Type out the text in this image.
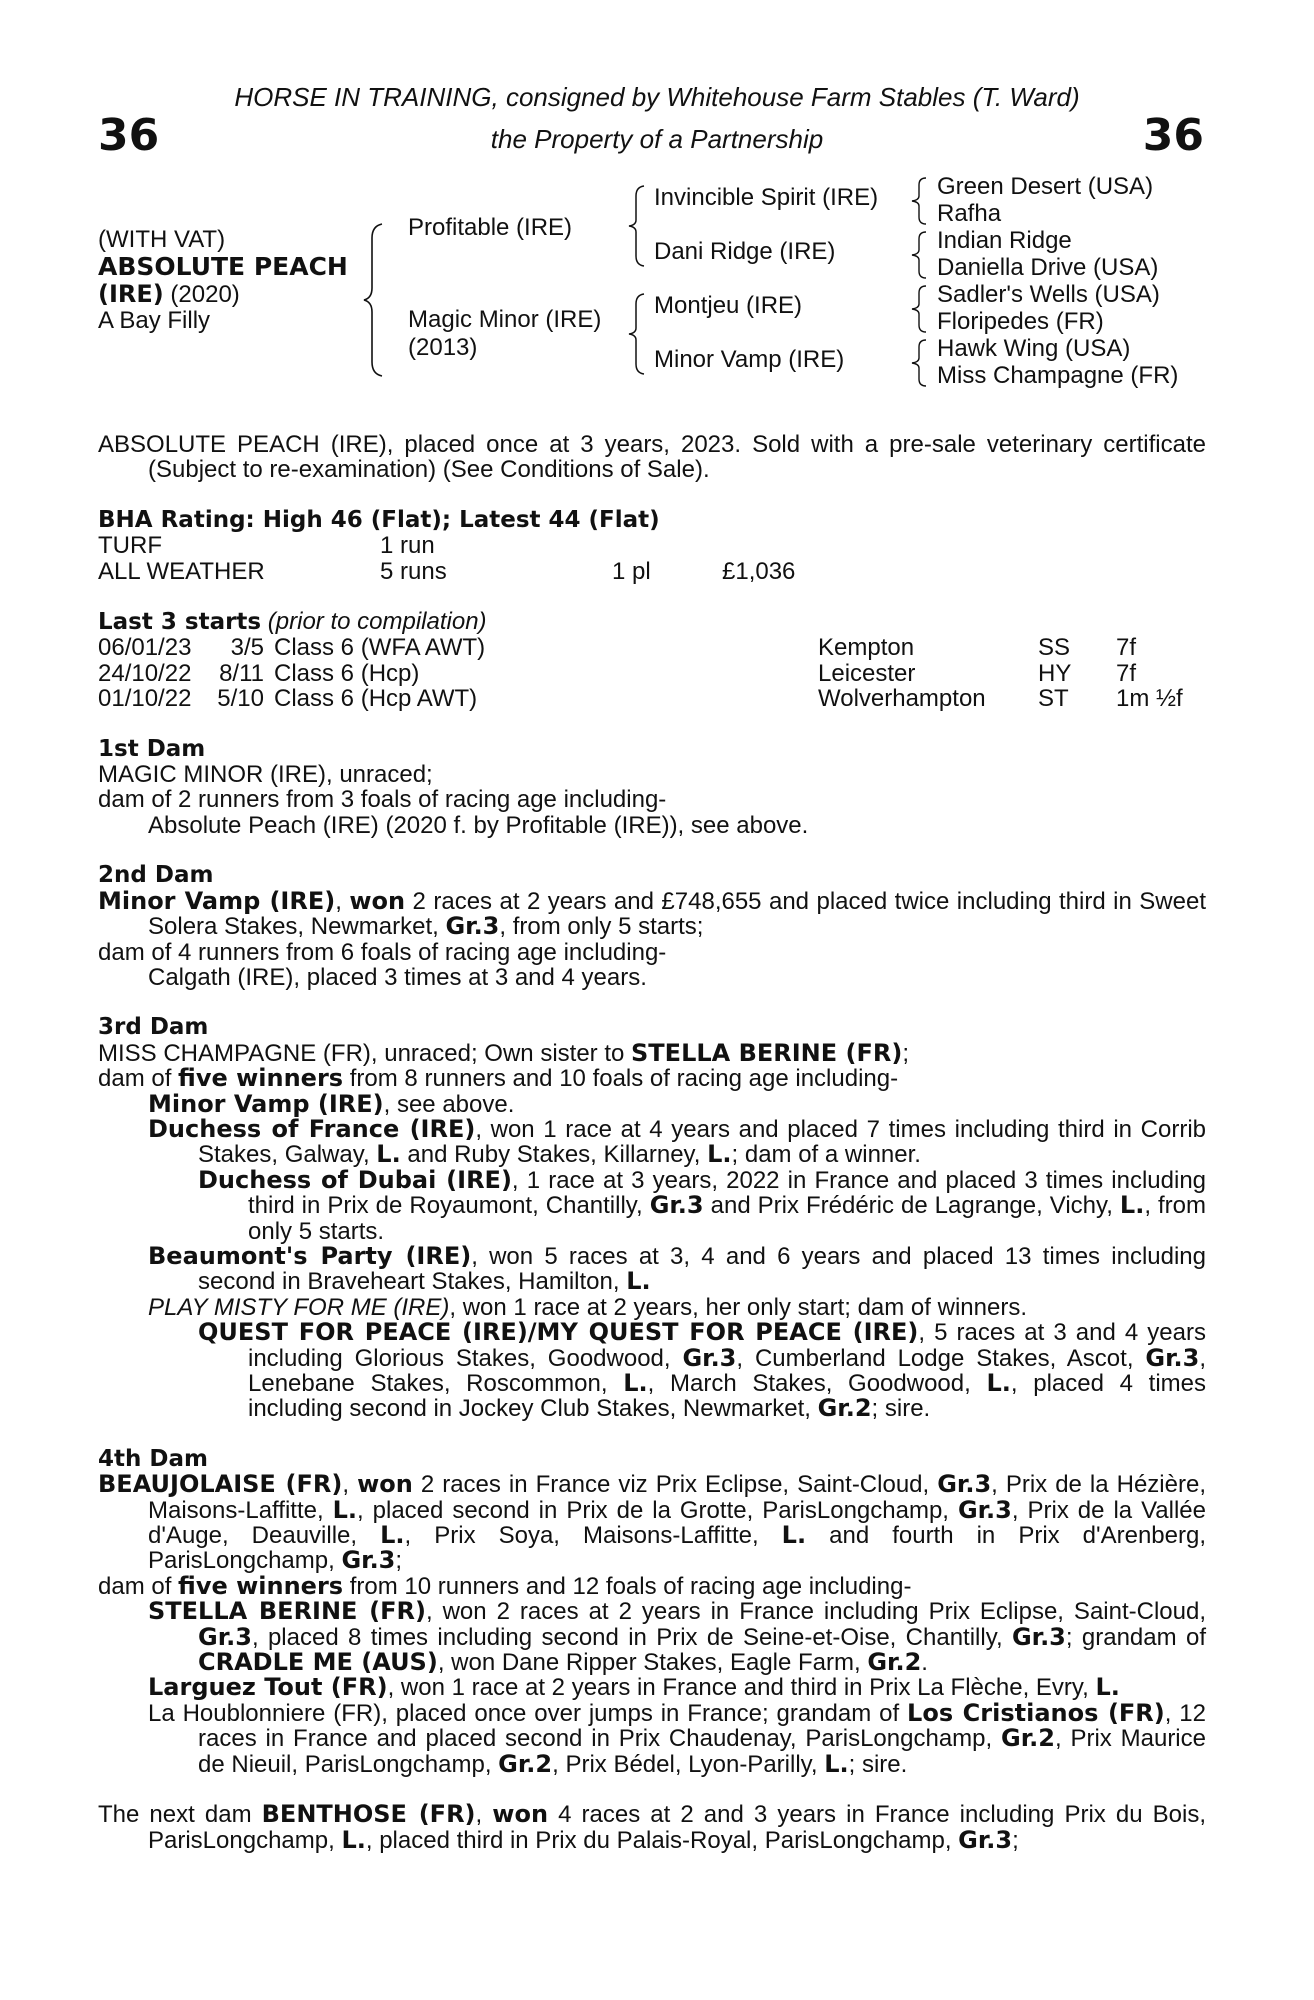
HORSE IN TRAINING, consigned by Whitehouse Farm Stables (T. Ward)
the Property of a Partnership
36	36
(WITH VAT)
ABSOLUTE PEACH
(IRE) (2020)
A Bay Filly
Profitable (IRE)
Magic Minor (IRE)
(2013)
Invincible Spirit (IRE)
Dani Ridge (IRE)
Montjeu (IRE)
Minor Vamp (IRE)
Green Desert (USA)
Rafha
Indian Ridge
Daniella Drive (USA)
Sadler's Wells (USA)
Floripedes (FR)
Hawk Wing (USA)
Miss Champagne (FR)

ABSOLUTE PEACH (IRE), placed once at 3 years, 2023. Sold with a pre-sale veterinary certificate (Subject to re-examination) (See Conditions of Sale).

BHA Rating: High 46 (Flat); Latest 44 (Flat)
TURF	1 run
ALL WEATHER	5 runs	1 pl	£1,036
Last 3 starts (prior to compilation)
06/01/23	3/5 Class 6 (WFA AWT)	Kempton	SS	7f
24/10/22	8/11 Class 6 (Hcp)	Leicester	HY	7f
01/10/22	5/10 Class 6 (Hcp AWT)	Wolverhampton	ST	1m ½f
1st Dam

MAGIC MINOR (IRE), unraced;

dam of 2 runners from 3 foals of racing age including-

Absolute Peach (IRE) (2020 f. by Profitable (IRE)), see above.

2nd Dam

Minor Vamp (IRE), won 2 races at 2 years and £748,655 and placed twice including third in Sweet Solera Stakes, Newmarket, Gr.3, from only 5 starts;

dam of 4 runners from 6 foals of racing age including-

Calgath (IRE), placed 3 times at 3 and 4 years.

3rd Dam

MISS CHAMPAGNE (FR), unraced; Own sister to STELLA BERINE (FR);

dam of five winners from 8 runners and 10 foals of racing age including-

Minor Vamp (IRE), see above.

Duchess of France (IRE), won 1 race at 4 years and placed 7 times including third in Corrib Stakes, Galway, L. and Ruby Stakes, Killarney, L.; dam of a winner.

Duchess of Dubai (IRE), 1 race at 3 years, 2022 in France and placed 3 times including third in Prix de Royaumont, Chantilly, Gr.3 and Prix Frédéric de Lagrange, Vichy, L., from only 5 starts.

Beaumont's Party (IRE), won 5 races at 3, 4 and 6 years and placed 13 times including second in Braveheart Stakes, Hamilton, L.

PLAY MISTY FOR ME (IRE), won 1 race at 2 years, her only start; dam of winners.

QUEST FOR PEACE (IRE)/MY QUEST FOR PEACE (IRE), 5 races at 3 and 4 years including Glorious Stakes, Goodwood, Gr.3, Cumberland Lodge Stakes, Ascot, Gr.3, Lenebane Stakes, Roscommon, L., March Stakes, Goodwood, L., placed 4 times including second in Jockey Club Stakes, Newmarket, Gr.2; sire.

4th Dam

BEAUJOLAISE (FR), won 2 races in France viz Prix Eclipse, Saint-Cloud, Gr.3, Prix de la Hézière, Maisons-Laffitte, L., placed second in Prix de la Grotte, ParisLongchamp, Gr.3, Prix de la Vallée d'Auge, Deauville, L., Prix Soya, Maisons-Laffitte, L. and fourth in Prix d'Arenberg, ParisLongchamp, Gr.3;

dam of five winners from 10 runners and 12 foals of racing age including-

STELLA BERINE (FR), won 2 races at 2 years in France including Prix Eclipse, Saint-Cloud, Gr.3, placed 8 times including second in Prix de Seine-et-Oise, Chantilly, Gr.3; grandam of CRADLE ME (AUS), won Dane Ripper Stakes, Eagle Farm, Gr.2.

Larguez Tout (FR), won 1 race at 2 years in France and third in Prix La Flèche, Evry, L.

La Houblonniere (FR), placed once over jumps in France; grandam of Los Cristianos (FR), 12 races in France and placed second in Prix Chaudenay, ParisLongchamp, Gr.2, Prix Maurice de Nieuil, ParisLongchamp, Gr.2, Prix Bédel, Lyon-Parilly, L.; sire.

The next dam BENTHOSE (FR), won 4 races at 2 and 3 years in France including Prix du Bois, ParisLongchamp, L., placed third in Prix du Palais-Royal, ParisLongchamp, Gr.3;
